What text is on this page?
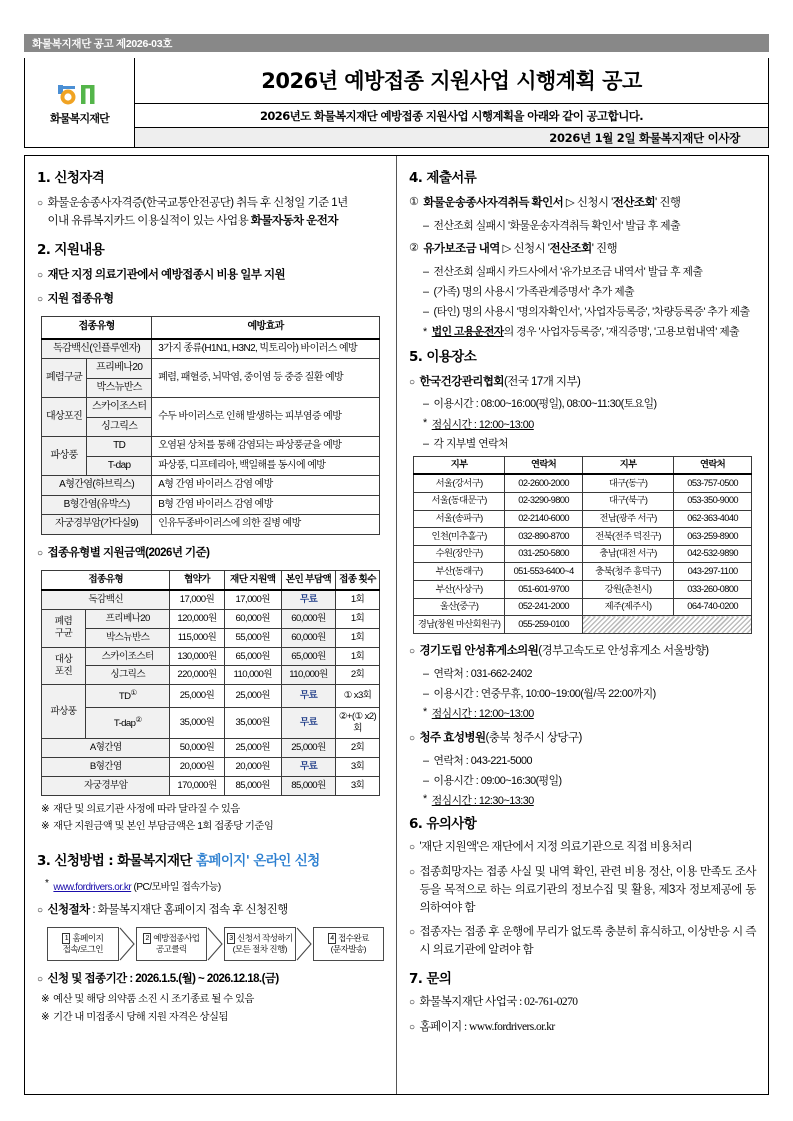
화물복지재단 공고 제2026-03호
화물복지재단
2026년 예방접종 지원사업 시행계획 공고
2026년도 화물복지재단 예방접종 지원사업 시행계획을 아래와 같이 공고합니다.
2026년 1월 2일 화물복지재단 이사장
1. 신청자격
○ 화물운송종사자격증(한국교통안전공단) 취득 후 신청일 기준 1년
이내 유류복지카드 이용실적이 있는 사업용 화물자동차 운전자
2. 지원내용
○ 재단 지정 의료기관에서 예방접종시 비용 일부 지원
○ 지원 접종유형
접종유형		예방효과
독감백신(인플루엔자)		3가지 종류(H1N1, H3N2, 빅토리아) 바이러스 예방
폐렴구균	프리베나20	폐렴, 패혈증, 뇌막염, 중이염 등 중증 질환 예방
	박스뉴반스	
대상포진	스카이조스터	수두 바이러스로 인해 발생하는 피부염증 예방
	싱그릭스	
파상풍	TD	오염된 상처를 통해 감염되는 파상풍균을 예방
	T-dap	파상풍, 디프테리아, 백일해를 동시에 예방
A형간염(하브릭스)		A형 간염 바이러스 감염 예방
B형간염(유박스)		B형 간염 바이러스 감염 예방
자궁경부암(가다실9)		인유두종바이러스에 의한 질병 예방
○ 접종유형별 지원금액(2026년 기준)
접종유형		협약가	재단 지원액	본인 부담액	접종 횟수
독감백신		17,000원	17,000원	무료	1회
폐렴
구균	프리베나20	120,000원	60,000원	60,000원	1회
	박스뉴반스	115,000원	55,000원	60,000원	1회
대상
포진	스카이조스터	130,000원	65,000원	65,000원	1회
	싱그릭스	220,000원	110,000원	110,000원	2회
파상풍	TD①	25,000원	25,000원	무료	① x3회
	T-dap②	35,000원	35,000원	무료	②+(① x2)회
A형간염		50,000원	25,000원	25,000원	2회
B형간염		20,000원	20,000원	무료	3회
자궁경부암		170,000원	85,000원	85,000원	3회
※ 재단 및 의료기관 사정에 따라 달라질 수 있음
※ 재단 지원금액 및 본인 부담금액은 1회 접종당 기준임
3. 신청방법 : 화물복지재단 홈페이지' 온라인 신청
* www.fordrivers.or.kr (PC/모바일 접속가능)
○ 신청절차 : 화물복지재단 홈페이지 접속 후 신청진행
1 홈페이지
접속/로그인
2 예방접종사업
공고클릭
3 신청서 작성하기
(모든 절차 진행)
4 접수완료
(문자발송)
○ 신청 및 접종기간 : 2026.1.5.(월) ~ 2026.12.18.(금)
※ 예산 및 해당 의약품 소진 시 조기종료 될 수 있음
※ 기간 내 미접종시 당해 지원 자격은 상실됨
4. 제출서류
① 화물운송종사자격취득 확인서 ▷ 신청시 '전산조회' 진행
– 전산조회 실패시 '화물운송자격취득 확인서' 발급 후 제출
② 유가보조금 내역 ▷ 신청시 '전산조회' 진행
– 전산조회 실패시 카드사에서 '유가보조금 내역서' 발급 후 제출
– (가족) 명의 사용시 '가족관계증명서' 추가 제출
– (타인) 명의 사용시 '명의자확인서', '사업자등록증', '차량등록증' 추가 제출
* 법인 고용운전자의 경우 '사업자등록증', '재직증명', '고용보험내역' 제출
5. 이용장소
○ 한국건강관리협회(전국 17개 지부)
– 이용시간 : 08:00~16:00(평일), 08:00~11:30(토요일)
* 점심시간 : 12:00~13:00
– 각 지부별 연락처
지부	연락처	지부	연락처
서울(강서구)	02-2600-2000	대구(동구)	053-757-0500
서울(동대문구)	02-3290-9800	대구(북구)	053-350-9000
서울(송파구)	02-2140-6000	전남(광주 서구)	062-363-4040
인천(미추홀구)	032-890-8700	전북(전주 덕진구)	063-259-8900
수원(장안구)	031-250-5800	충남(대전 서구)	042-532-9890
부산(동래구)	051-553-6400~4	충북(청주 흥덕구)	043-297-1100
부산(사상구)	051-601-9700	강원(춘천시)	033-260-0800
울산(중구)	052-241-2000	제주(제주시)	064-740-0200
경남(창원 마산회원구)	055-259-0100		
○ 경기도립 안성휴게소의원(경부고속도로 안성휴게소 서울방향)
– 연락처 : 031-662-2402
– 이용시간 : 연중무휴, 10:00~19:00(월/목 22:00까지)
* 점심시간 : 12:00~13:00
○ 청주 효성병원(충북 청주시 상당구)
– 연락처 : 043-221-5000
– 이용시간 : 09:00~16:30(평일)
* 점심시간 : 12:30~13:30
6. 유의사항
○ '재단 지원액'은 재단에서 지정 의료기관으로 직접 비용처리
○ 접종희망자는 접종 사실 및 내역 확인, 관련 비용 정산, 이용 만족도 조사 등을 목적으로 하는 의료기관의 정보수집 및 활용, 제3자 정보제공에 동의하여야 함
○ 접종자는 접종 후 운행에 무리가 없도록 충분히 휴식하고, 이상반응 시 즉시 의료기관에 알려야 함
7. 문의
○ 화물복지재단 사업국 : 02-761-0270
○ 홈페이지 : www.fordrivers.or.kr
